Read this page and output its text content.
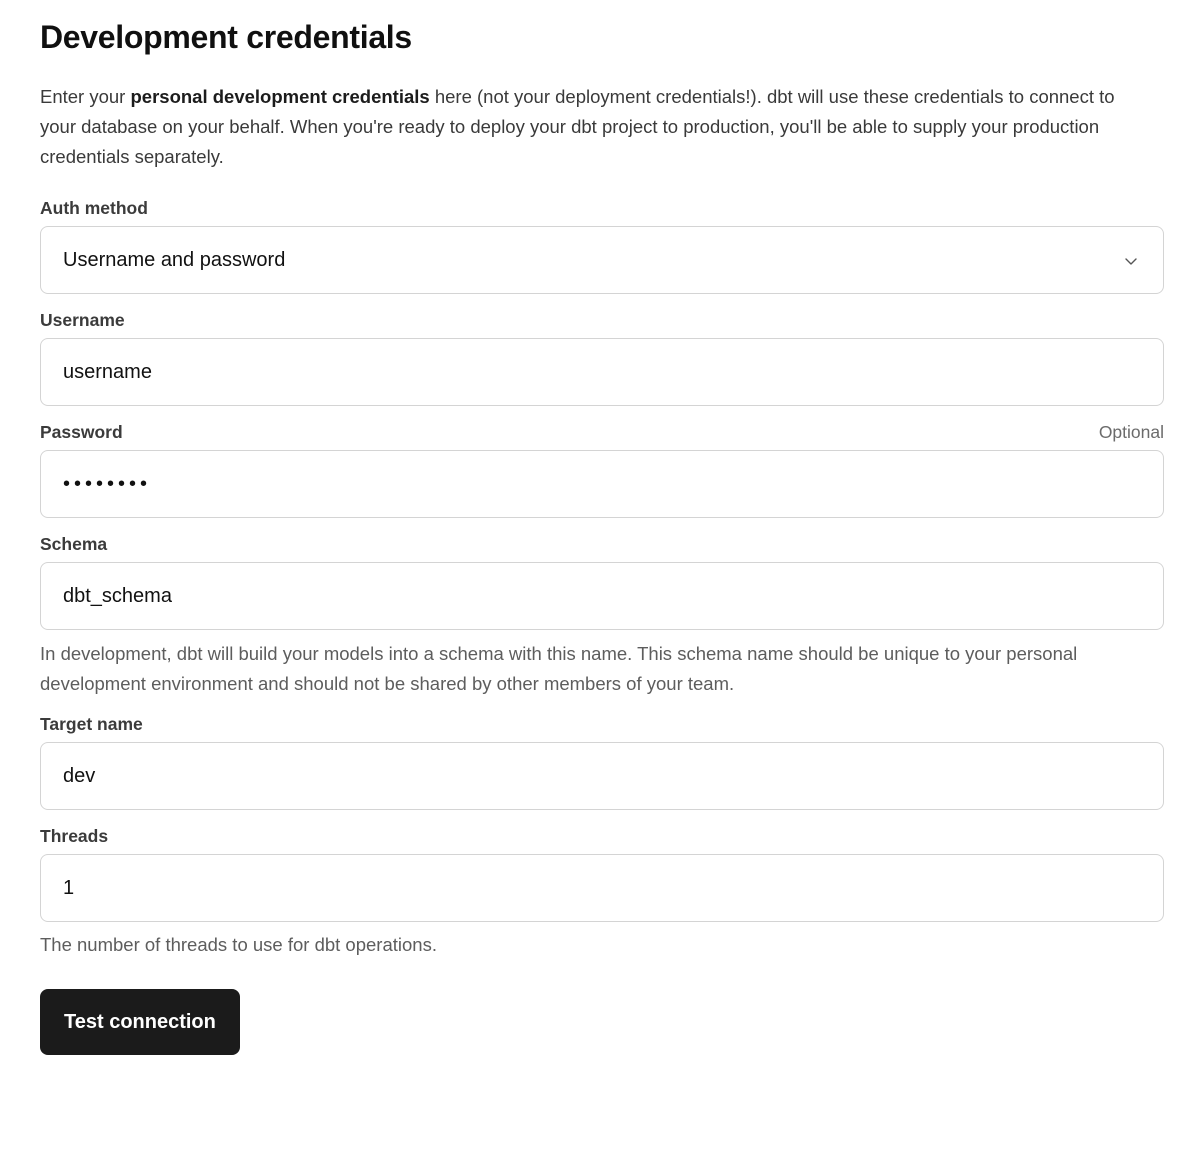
Development credentials

Enter your personal development credentials here (not your deployment credentials!). dbt will use these credentials to connect to your database on your behalf. When you're ready to deploy your dbt project to production, you'll be able to supply your production credentials separately.

Auth method
Username and password
Username
username
Password	Optional
••••••••
Schema
dbt_schema

In development, dbt will build your models into a schema with this name. This schema name should be unique to your personal development environment and should not be shared by other members of your team.

Target name
dev
Threads
1

The number of threads to use for dbt operations.

Test connection
